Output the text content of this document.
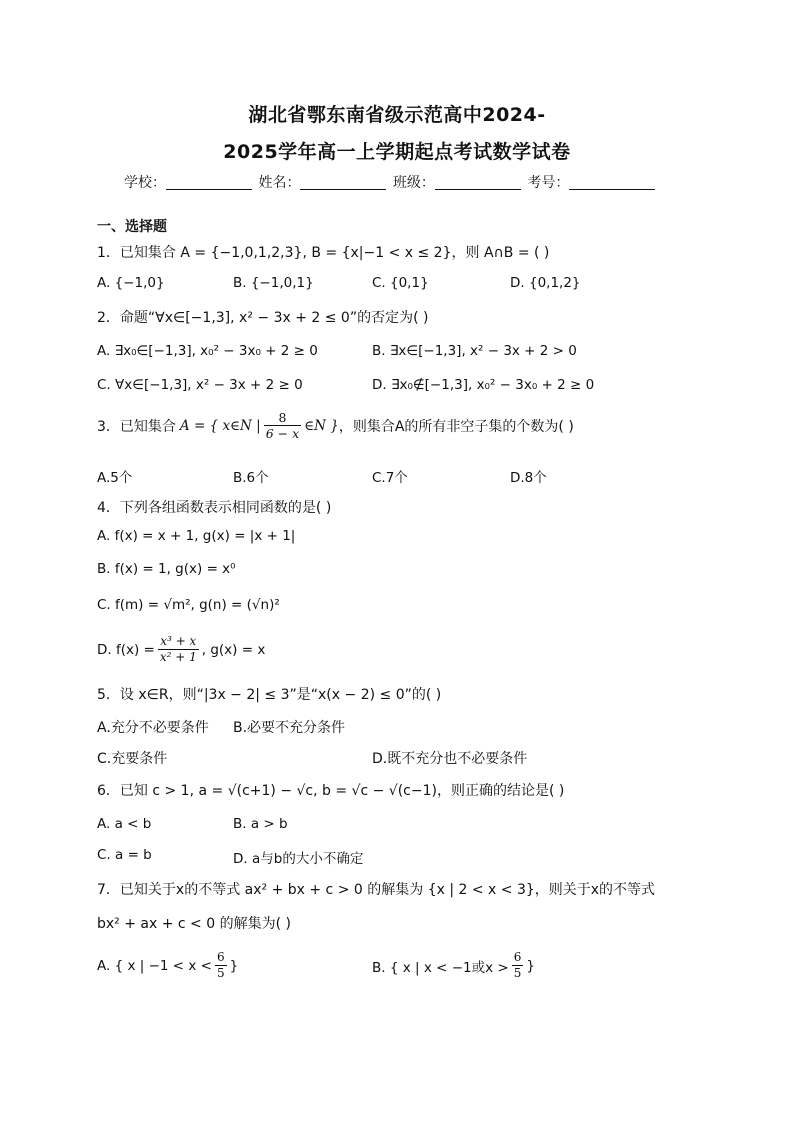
湖北省鄂东南省级示范高中2024-
2025学年高一上学期起点考试数学试卷
学校：	姓名：	班级：	考号：
一、选择题
1．已知集合 A = {−1,0,1,2,3}, B = {x|−1 < x ≤ 2}，则 A∩B = ( )
A. {−1,0}	B. {−1,0,1}	C. {0,1}	D. {0,1,2}
2．命题“∀x∈[−1,3], x² − 3x + 2 ≤ 0”的否定为( )
A. ∃x₀∈[−1,3], x₀² − 3x₀ + 2 ≥ 0	B. ∃x∈[−1,3], x² − 3x + 2 > 0
C. ∀x∈[−1,3], x² − 3x + 2 ≥ 0	D. ∃x₀∉[−1,3], x₀² − 3x₀ + 2 ≥ 0
3．已知集合 A = { x∈N | $\frac{8}{6 - x}$ ∈N } ，则集合A的所有非空子集的个数为( )
A.5个	B.6个	C.7个	D.8个
4．下列各组函数表示相同函数的是( )
A. f(x) = x + 1, g(x) = |x + 1|
B. f(x) = 1, g(x) = x⁰
C. f(m) = √m², g(n) = (√n)²
D. $f(x) = \frac{\text{x³ + x}}{\text{x² + 1}}$ , g(x) = x
5．设 x∈R，则“|3x − 2| ≤ 3”是“x(x − 2) ≤ 0”的( )
A.充分不必要条件 B.必要不充分条件
C.充要条件	D.既不充分也不必要条件
6．已知 c > 1, a = √(c+1) − √c, b = √c − √(c−1)，则正确的结论是( )
A. a < b	B. a > b
C. a = b	D. a与b的大小不确定
7．已知关于x的不等式 ax² + bx + c > 0 的解集为 {x | 2 < x < 3}，则关于x的不等式
bx² + ax + c < 0 的解集为( )
A. { x | $-1 < x < \frac{6}{5}$ }	B. { x | x < −1或$x > \frac{6}{5}$ }
